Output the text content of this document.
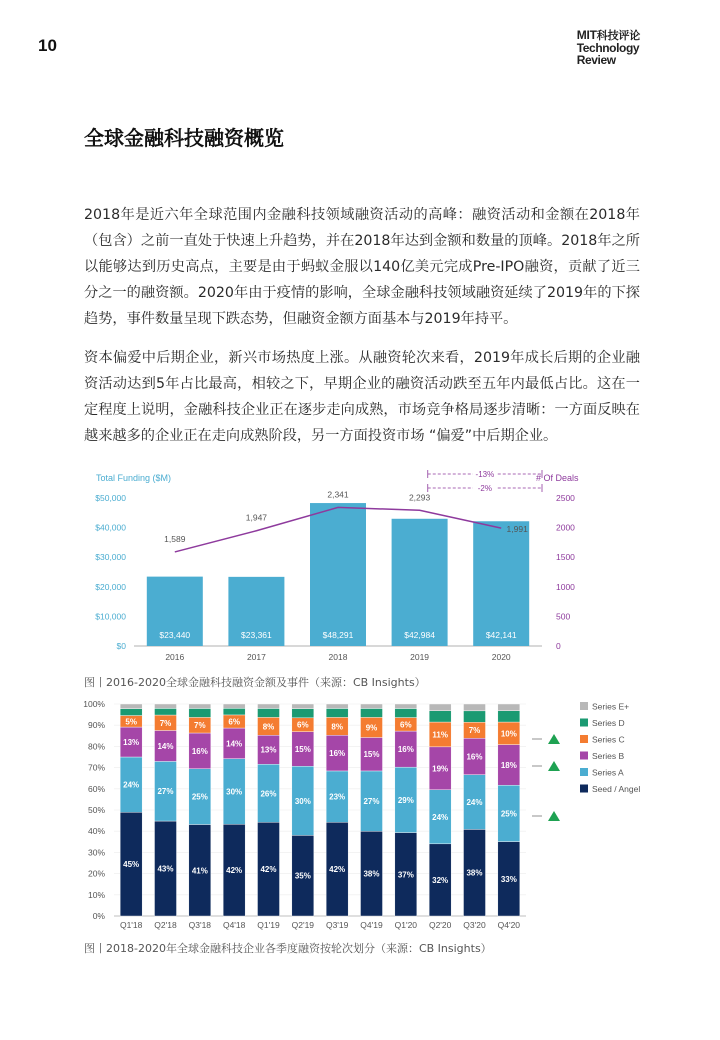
10
MIT科技评论
Technology
Review
全球金融科技融资概览
2018年是近六年全球范围内金融科技领域融资活动的高峰：融资活动和金额在2018年（包含）之前一直处于快速上升趋势，并在2018年达到金额和数量的顶峰。2018年之所以能够达到历史高点，主要是由于蚂蚁金服以140亿美元完成Pre-IPO融资，贡献了近三分之一的融资额。2020年由于疫情的影响，全球金融科技领域融资延续了2019年的下探趋势，事件数量呈现下跌态势，但融资金额方面基本与2019年持平。
资本偏爱中后期企业，新兴市场热度上涨。从融资轮次来看，2019年成长后期的企业融资活动达到5年占比最高，相较之下，早期企业的融资活动跌至五年内最低占比。这在一定程度上说明，金融科技企业正在逐步走向成熟，市场竞争格局逐步清晰：一方面反映在越来越多的企业正在走向成熟阶段，另一方面投资市场 “偏爱”中后期企业。
Total Funding ($M)	# Of Deals
$0
$10,000
$20,000
$30,000
$40,000
$50,000
0
500
1000
1500
2000
2500
$23,440
2016
$23,361
2017
$48,291
2018
$42,984
2019
$42,141
2020
1,589
1,947
2,341	2,293
1,991
-13%
-2%
图丨2016-2020全球金融科技融资金额及事件（来源：CB Insights）
0%
10%
20%
30%
40%
50%
60%
70%
80%
90%
100%
45%
24%
13%
5%
Q1'18
43%
27%
14%
7%
Q2'18
41%
25%
16%
7%
Q3'18
42%
30%
14%
6%
Q4'18
42%
26%
13%
8%
Q1'19
35%
30%
15%
6%
Q2'19
42%
23%
16%
8%
Q3'19
38%
27%
15%
9%
Q4'19
37%
29%
16%
6%
Q1'20
32%
24%
19%
11%
Q2'20
38%
24%
16%
7%
Q3'20
33%
25%
18%
10%
Q4'20
Series E+
Series D
Series C
Series B
Series A
Seed / Angel
图丨2018-2020年全球金融科技企业各季度融资按轮次划分（来源：CB Insights）
